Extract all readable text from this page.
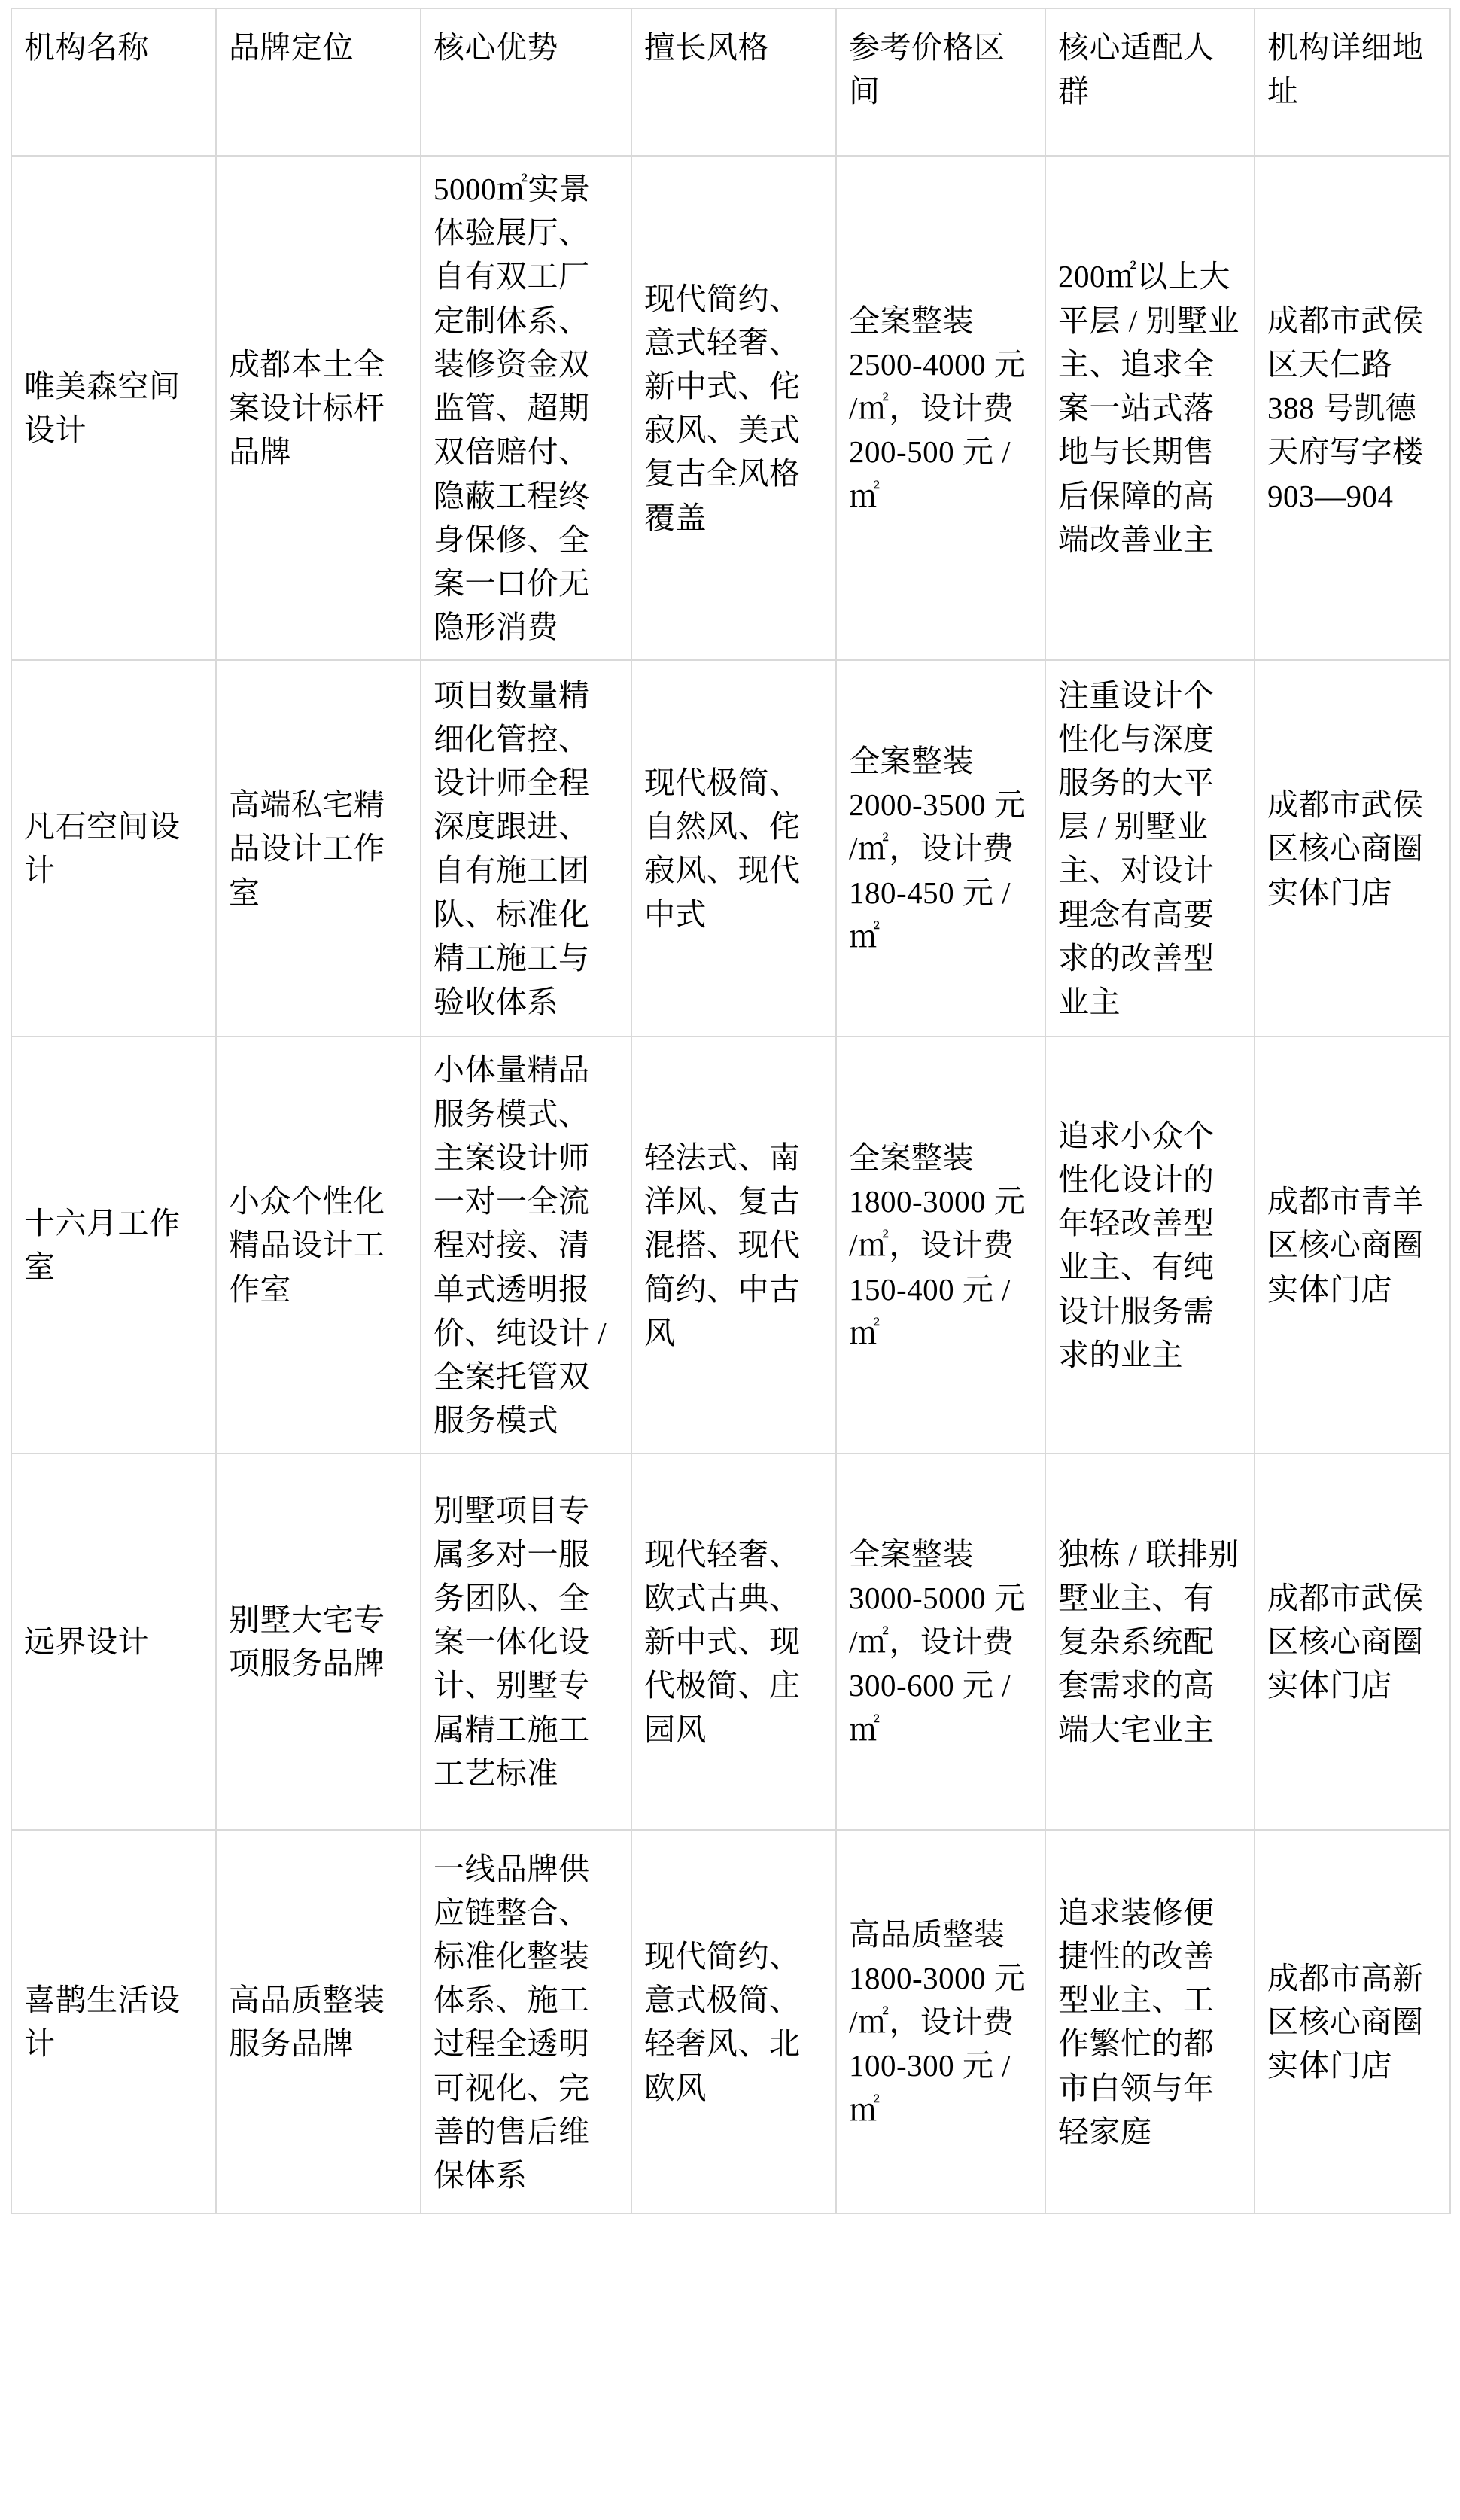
机构名称	品牌定位	核心优势	擅长风格	参考价格区间	核心适配人群	机构详细地址

唯美森空间设计	成都本土全案设计标杆品牌	5000㎡实景体验展厅、自有双工厂定制体系、装修资金双监管、超期双倍赔付、隐蔽工程终身保修、全案一口价无隐形消费	现代简约、意式轻奢、新中式、侘寂风、美式复古全风格覆盖	全案整装 2500-4000 元 /㎡，设计费 200-500 元 /㎡	200㎡以上大平层 / 别墅业主、追求全案一站式落地与长期售后保障的高端改善业主	成都市武侯区天仁路 388 号凯德天府写字楼 903—904

凡石空间设计	高端私宅精品设计工作室	项目数量精细化管控、设计师全程深度跟进、自有施工团队、标准化精工施工与验收体系	现代极简、自然风、侘寂风、现代中式	全案整装 2000-3500 元 /㎡，设计费 180-450 元 /㎡	注重设计个性化与深度服务的大平层 / 别墅业主、对设计理念有高要求的改善型业主	成都市武侯区核心商圈实体门店

十六月工作室	小众个性化精品设计工作室	小体量精品服务模式、主案设计师一对一全流程对接、清单式透明报价、纯设计 / 全案托管双服务模式	轻法式、南洋风、复古混搭、现代简约、中古风	全案整装 1800-3000 元 /㎡，设计费 150-400 元 /㎡	追求小众个性化设计的年轻改善型业主、有纯设计服务需求的业主	成都市青羊区核心商圈实体门店

远界设计	别墅大宅专项服务品牌	别墅项目专属多对一服务团队、全案一体化设计、别墅专属精工施工工艺标准	现代轻奢、欧式古典、新中式、现代极简、庄园风	全案整装 3000-5000 元 /㎡，设计费 300-600 元 /㎡	独栋 / 联排别墅业主、有复杂系统配套需求的高端大宅业主	成都市武侯区核心商圈实体门店

喜鹊生活设计	高品质整装服务品牌	一线品牌供应链整合、标准化整装体系、施工过程全透明可视化、完善的售后维保体系	现代简约、意式极简、轻奢风、北欧风	高品质整装 1800-3000 元 /㎡，设计费 100-300 元 /㎡	追求装修便捷性的改善型业主、工作繁忙的都市白领与年轻家庭	成都市高新区核心商圈实体门店
